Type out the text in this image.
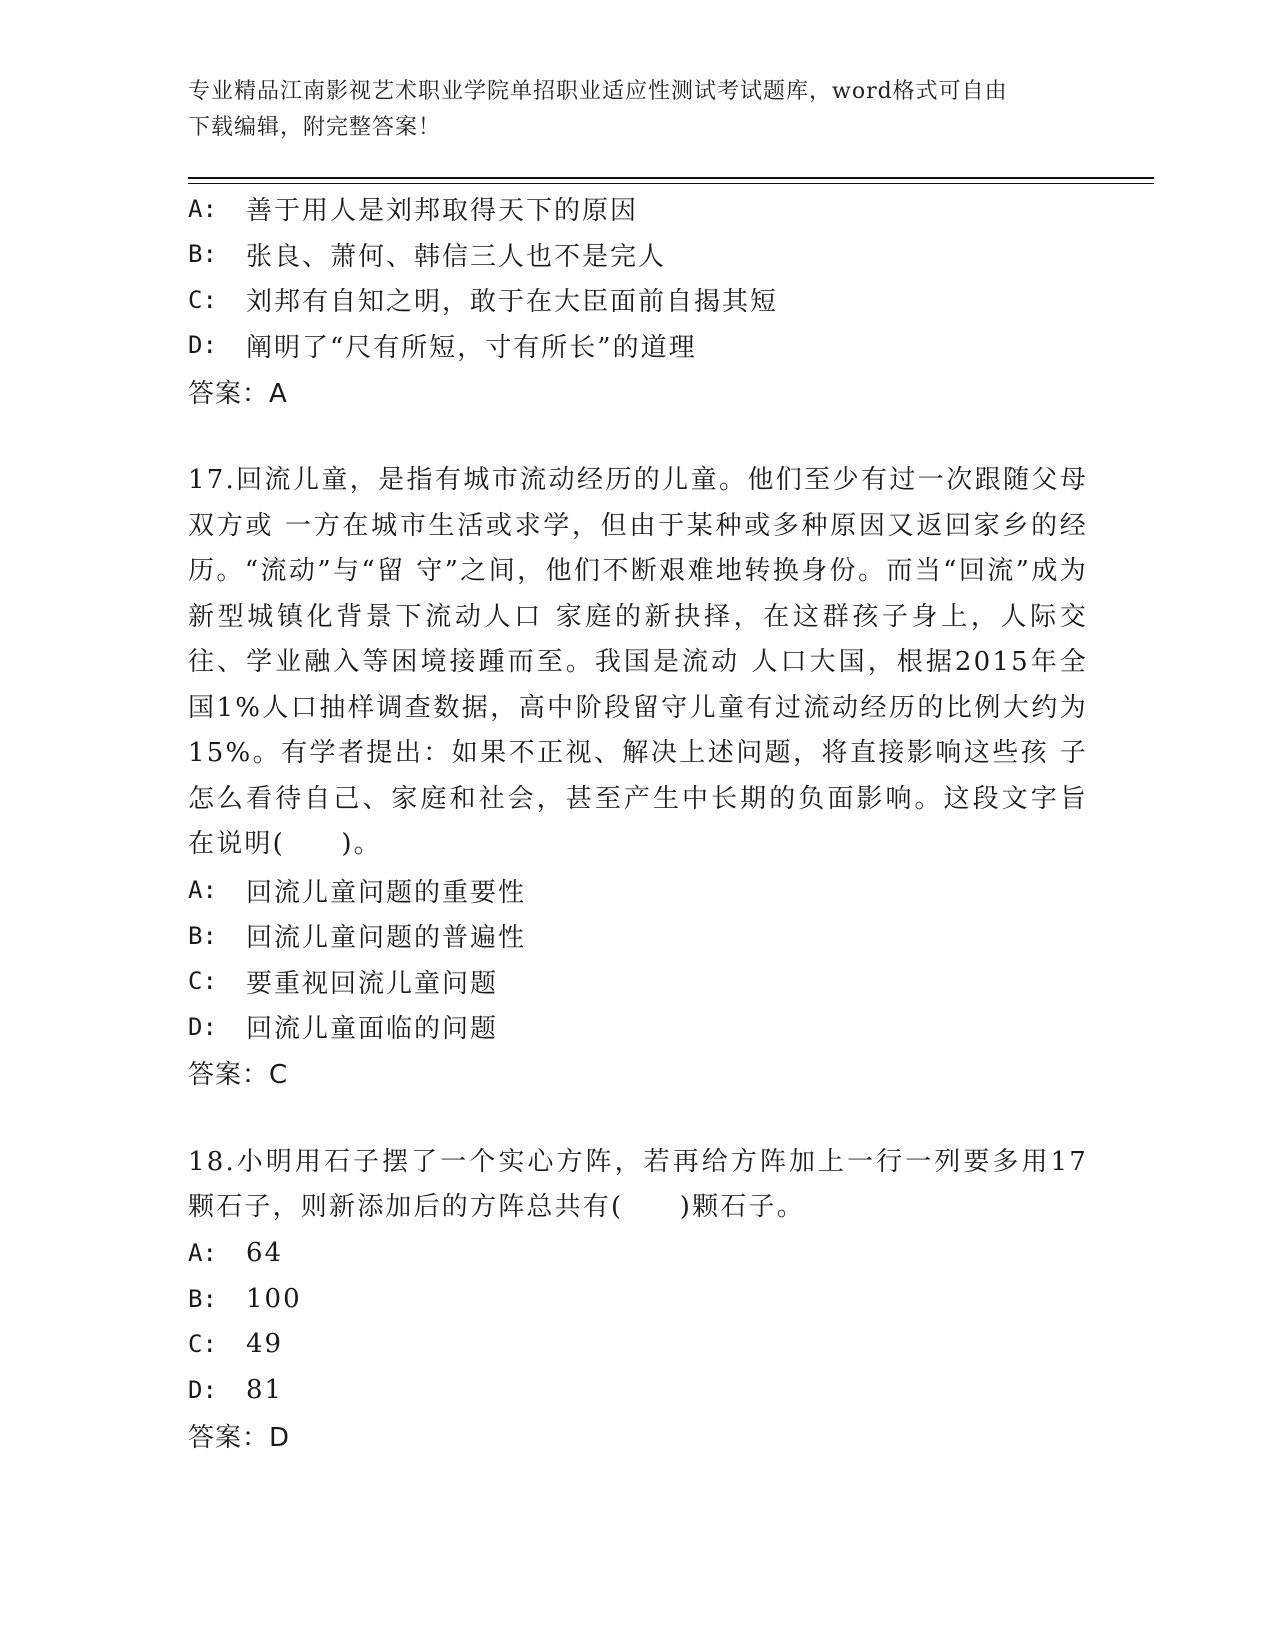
专业精品江南影视艺术职业学院单招职业适应性测试考试题库，word格式可自由
下载编辑，附完整答案！
A:	善于用人是刘邦取得天下的原因
B:	张良、萧何、韩信三人也不是完人
C:	刘邦有自知之明，敢于在大臣面前自揭其短
D:	阐明了“尺有所短，寸有所长”的道理
答案：A
17.回流儿童，是指有城市流动经历的儿童。他们至少有过一次跟随父母双方或 一方在城市生活或求学，但由于某种或多种原因又返回家乡的经历。“流动”与“留 守”之间，他们不断艰难地转换身份。而当“回流”成为新型城镇化背景下流动人口 家庭的新抉择，在这群孩子身上，人际交往、学业融入等困境接踵而至。我国是流动 人口大国，根据2015年全国1%人口抽样调查数据，高中阶段留守儿童有过流动经历的比例大约为15%。有学者提出：如果不正视、解决上述问题，将直接影响这些孩 子怎么看待自己、家庭和社会，甚至产生中长期的负面影响。这段文字旨在说明(　　)。
A:	回流儿童问题的重要性
B:	回流儿童问题的普遍性
C:	要重视回流儿童问题
D:	回流儿童面临的问题
答案：C
18.小明用石子摆了一个实心方阵，若再给方阵加上一行一列要多用17颗石子，则新添加后的方阵总共有(　　)颗石子。
A:	64
B:	100
C:	49
D:	81
答案：D
